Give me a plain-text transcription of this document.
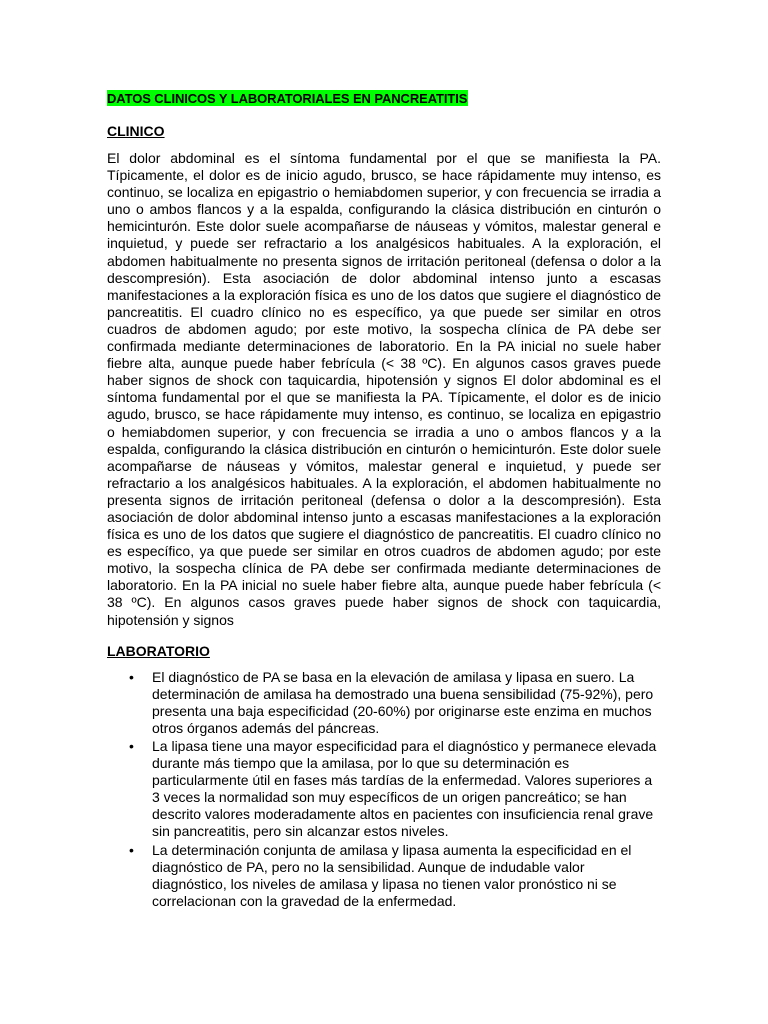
DATOS CLINICOS Y LABORATORIALES EN PANCREATITIS
CLINICO

El dolor abdominal es el síntoma fundamental por el que se manifiesta la PA. Típicamente, el dolor es de inicio agudo, brusco, se hace rápidamente muy intenso, es continuo, se localiza en epigastrio o hemiabdomen superior, y con frecuencia se irradia a uno o ambos flancos y a la espalda, configurando la clásica distribución en cinturón o hemicinturón. Este dolor suele acompañarse de náuseas y vómitos, malestar general e inquietud, y puede ser refractario a los analgésicos habituales. A la exploración, el abdomen habitualmente no presenta signos de irritación peritoneal (defensa o dolor a la descompresión). Esta asociación de dolor abdominal intenso junto a escasas manifestaciones a la exploración física es uno de los datos que sugiere el diagnóstico de pancreatitis. El cuadro clínico no es específico, ya que puede ser similar en otros cuadros de abdomen agudo; por este motivo, la sospecha clínica de PA debe ser confirmada mediante determinaciones de laboratorio. En la PA inicial no suele haber fiebre alta, aunque puede haber febrícula (< 38 ºC). En algunos casos graves puede haber signos de shock con taquicardia, hipotensión y signos El dolor abdominal es el síntoma fundamental por el que se manifiesta la PA. Típicamente, el dolor es de inicio agudo, brusco, se hace rápidamente muy intenso, es continuo, se localiza en epigastrio o hemiabdomen superior, y con frecuencia se irradia a uno o ambos flancos y a la espalda, configurando la clásica distribución en cinturón o hemicinturón. Este dolor suele acompañarse de náuseas y vómitos, malestar general e inquietud, y puede ser refractario a los analgésicos habituales. A la exploración, el abdomen habitualmente no presenta signos de irritación peritoneal (defensa o dolor a la descompresión). Esta asociación de dolor abdominal intenso junto a escasas manifestaciones a la exploración física es uno de los datos que sugiere el diagnóstico de pancreatitis. El cuadro clínico no es específico, ya que puede ser similar en otros cuadros de abdomen agudo; por este motivo, la sospecha clínica de PA debe ser confirmada mediante determinaciones de laboratorio. En la PA inicial no suele haber fiebre alta, aunque puede haber febrícula (< 38 ºC). En algunos casos graves puede haber signos de shock con taquicardia, hipotensión y signos

LABORATORIO
• El diagnóstico de PA se basa en la elevación de amilasa y lipasa en suero. La determinación de amilasa ha demostrado una buena sensibilidad (75-92%), pero presenta una baja especificidad (20-60%) por originarse este enzima en muchos otros órganos además del páncreas.
• La lipasa tiene una mayor especificidad para el diagnóstico y permanece elevada durante más tiempo que la amilasa, por lo que su determinación es particularmente útil en fases más tardías de la enfermedad. Valores superiores a 3 veces la normalidad son muy específicos de un origen pancreático; se han descrito valores moderadamente altos en pacientes con insuficiencia renal grave sin pancreatitis, pero sin alcanzar estos niveles.
• La determinación conjunta de amilasa y lipasa aumenta la especificidad en el diagnóstico de PA, pero no la sensibilidad. Aunque de indudable valor diagnóstico, los niveles de amilasa y lipasa no tienen valor pronóstico ni se correlacionan con la gravedad de la enfermedad.
